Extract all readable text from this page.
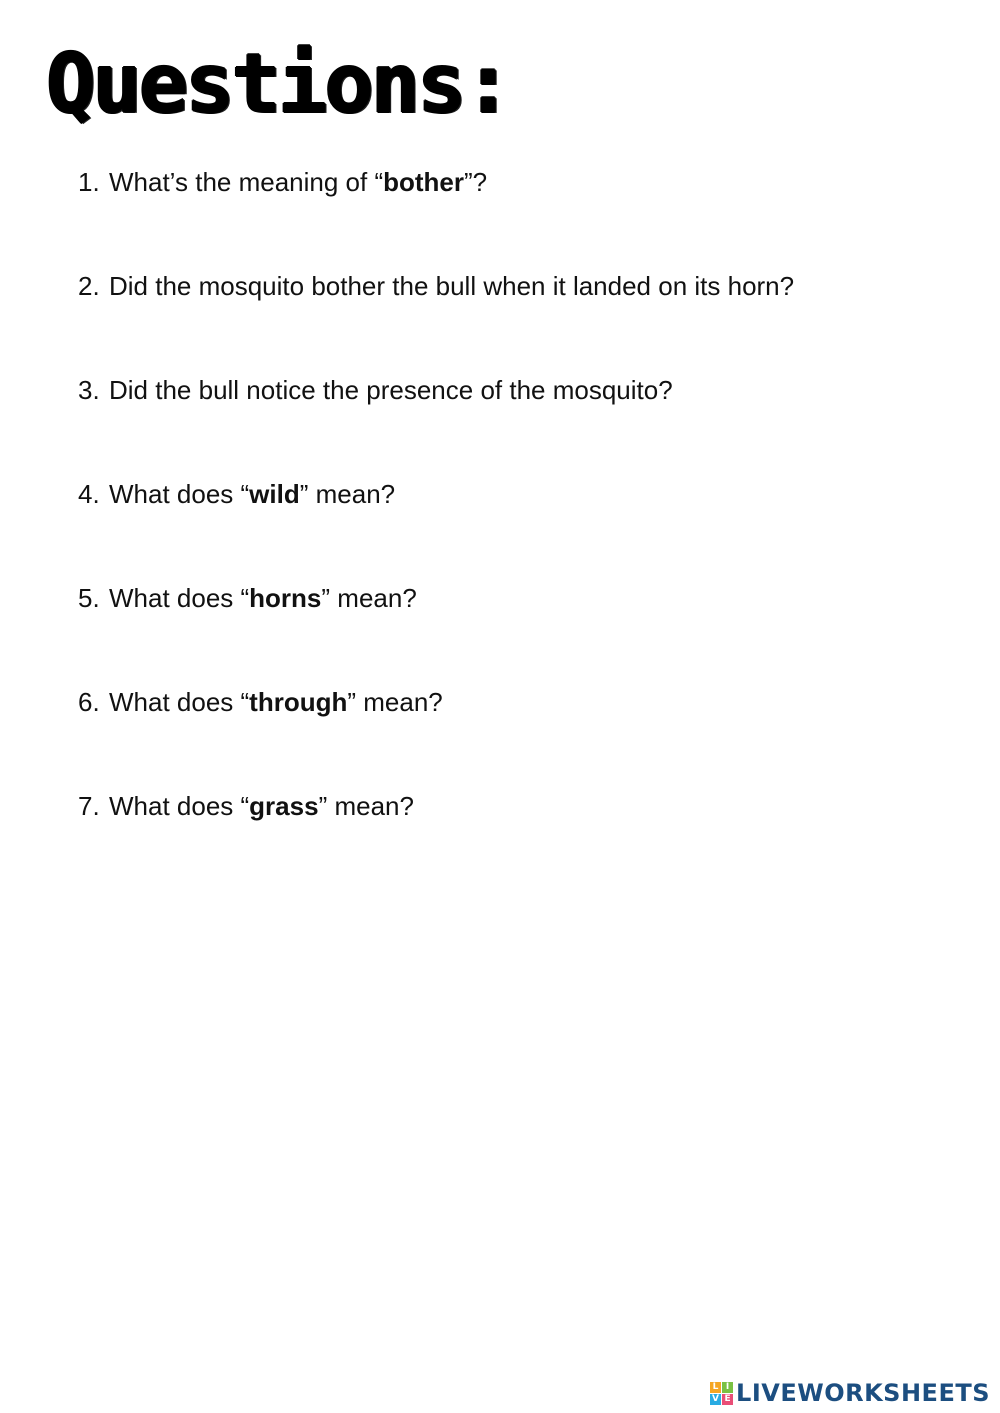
Questions:
1. What’s the meaning of “bother”?
2. Did the mosquito bother the bull when it landed on its horn?
3. Did the bull notice the presence of the mosquito?
4. What does “wild” mean?
5. What does “horns” mean?
6. What does “through” mean?
7. What does “grass” mean?
L I
V E LIVEWORKSHEETS
